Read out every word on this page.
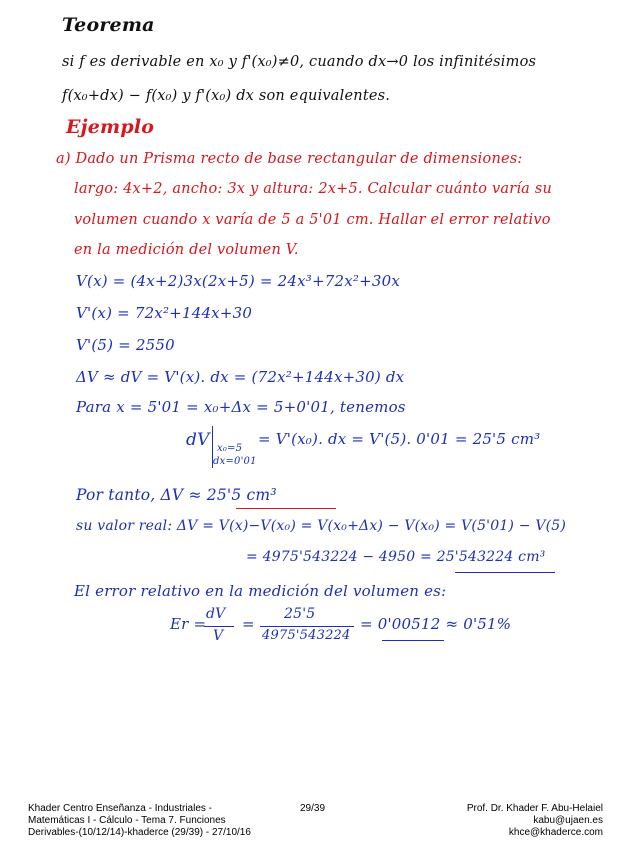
Teorema
si f es derivable en x₀ y f'(x₀)≠0, cuando dx→0 los infinitésimos
f(x₀+dx) − f(x₀) y f'(x₀) dx son equivalentes.
Ejemplo
a) Dado un Prisma recto de base rectangular de dimensiones:
largo: 4x+2, ancho: 3x y altura: 2x+5. Calcular cuánto varía su
volumen cuando x varía de 5 a 5'01 cm. Hallar el error relativo
en la medición del volumen V.
V(x) = (4x+2)3x(2x+5) = 24x³+72x²+30x
V'(x) = 72x²+144x+30
V'(5) = 2550
ΔV ≈ dV = V'(x). dx = (72x²+144x+30) dx
Para x = 5'01 = x₀+Δx = 5+0'01, tenemos
dV x₀=5
dx=0'01
= V'(x₀). dx = V'(5). 0'01 = 25'5 cm³
Por tanto, ΔV ≈ 25'5 cm³
su valor real: ΔV = V(x)−V(x₀) = V(x₀+Δx) − V(x₀) = V(5'01) − V(5)
= 4975'543224 − 4950 = 25'543224 cm³
El error relativo en la medición del volumen es:
Er =
dV
V
=
25'5
4975'543224
= 0'00512 ≈ 0'51%
Khader Centro Enseñanza - Industriales -
Matemáticas I - Cálculo - Tema 7. Funciones
Derivables-(10/12/14)-khaderce (29/39) - 27/10/16
29/39	Prof. Dr. Khader F. Abu-Helaiel
kabu@ujaen.es
khce@khaderce.com
